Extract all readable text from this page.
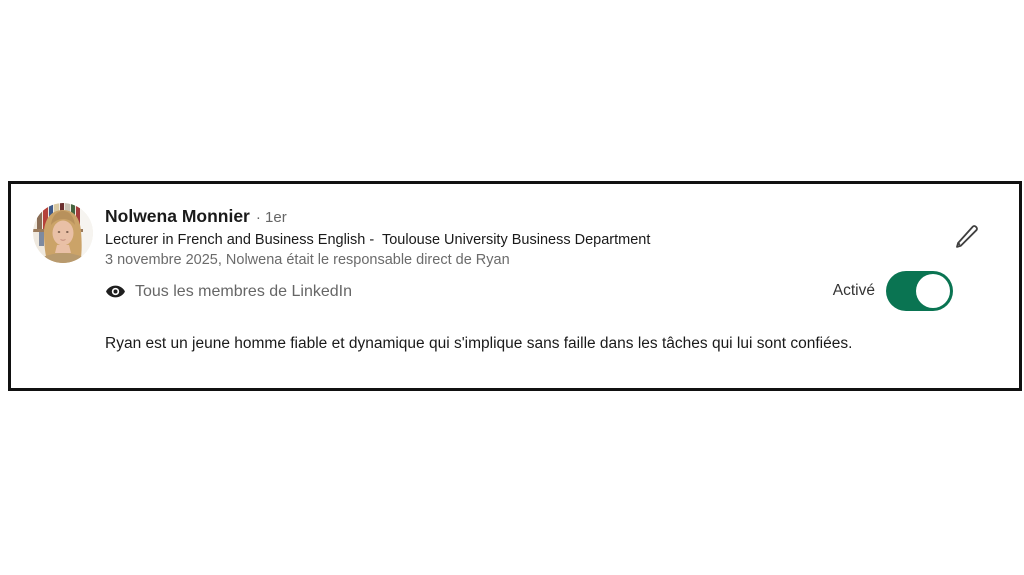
Nolwena Monnier · 1er
Lecturer in French and Business English -  Toulouse University Business Department
3 novembre 2025, Nolwena était le responsable direct de Ryan
Tous les membres de LinkedIn	Activé

Ryan est un jeune homme fiable et dynamique qui s'implique sans faille dans les tâches qui lui sont confiées.
